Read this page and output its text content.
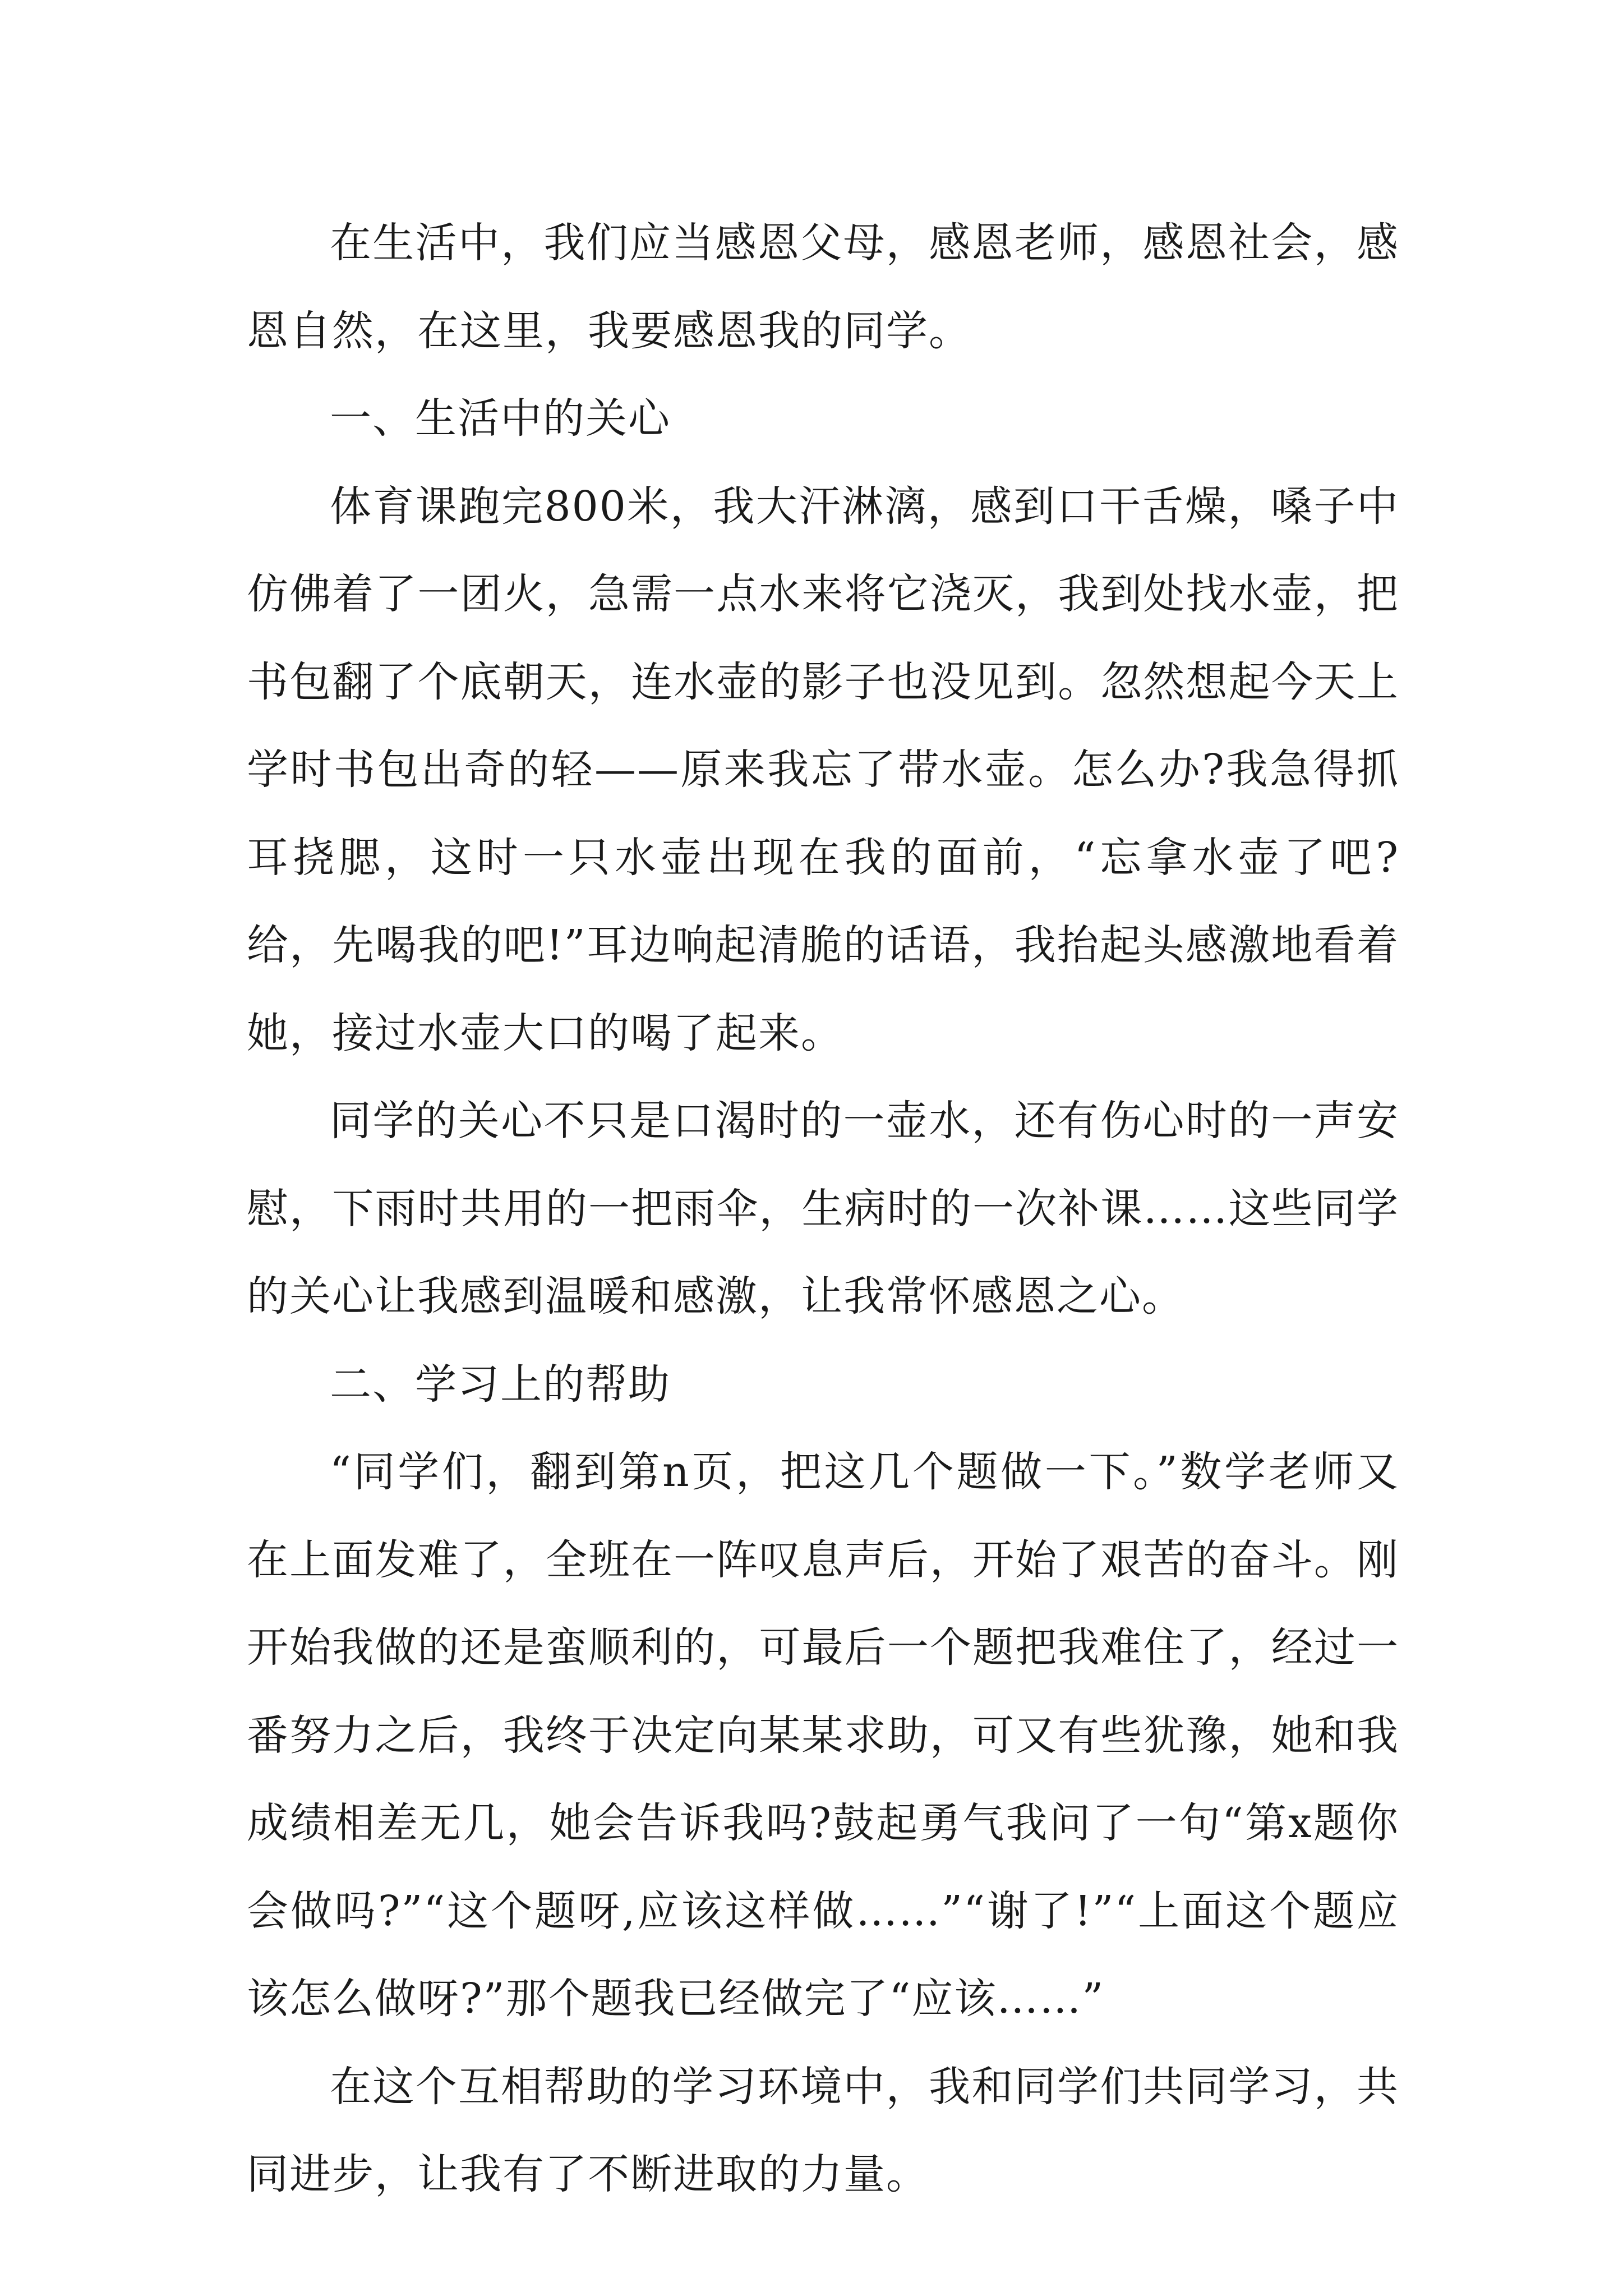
在生活中，我们应当感恩父母，感恩老师，感恩社会，感恩自然，在这里，我要感恩我的同学。

一、生活中的关心

体育课跑完800米，我大汗淋漓，感到口干舌燥，嗓子中仿佛着了一团火，急需一点水来将它浇灭，我到处找水壶，把书包翻了个底朝天，连水壶的影子也没见到。忽然想起今天上学时书包出奇的轻——原来我忘了带水壶。怎么办?我急得抓耳挠腮，这时一只水壶出现在我的面前，“忘拿水壶了吧?给，先喝我的吧!”耳边响起清脆的话语，我抬起头感激地看着她，接过水壶大口的喝了起来。

同学的关心不只是口渴时的一壶水，还有伤心时的一声安慰，下雨时共用的一把雨伞，生病时的一次补课……这些同学的关心让我感到温暖和感激，让我常怀感恩之心。

二、学习上的帮助

“同学们，翻到第n页，把这几个题做一下。”数学老师又在上面发难了，全班在一阵叹息声后，开始了艰苦的奋斗。刚开始我做的还是蛮顺利的，可最后一个题把我难住了，经过一番努力之后，我终于决定向某某求助，可又有些犹豫，她和我成绩相差无几，她会告诉我吗?鼓起勇气我问了一句“第x题你会做吗?”“这个题呀,应该这样做……”“谢了!”“上面这个题应该怎么做呀?”那个题我已经做完了“应该……”

在这个互相帮助的学习环境中，我和同学们共同学习，共同进步，让我有了不断进取的力量。
